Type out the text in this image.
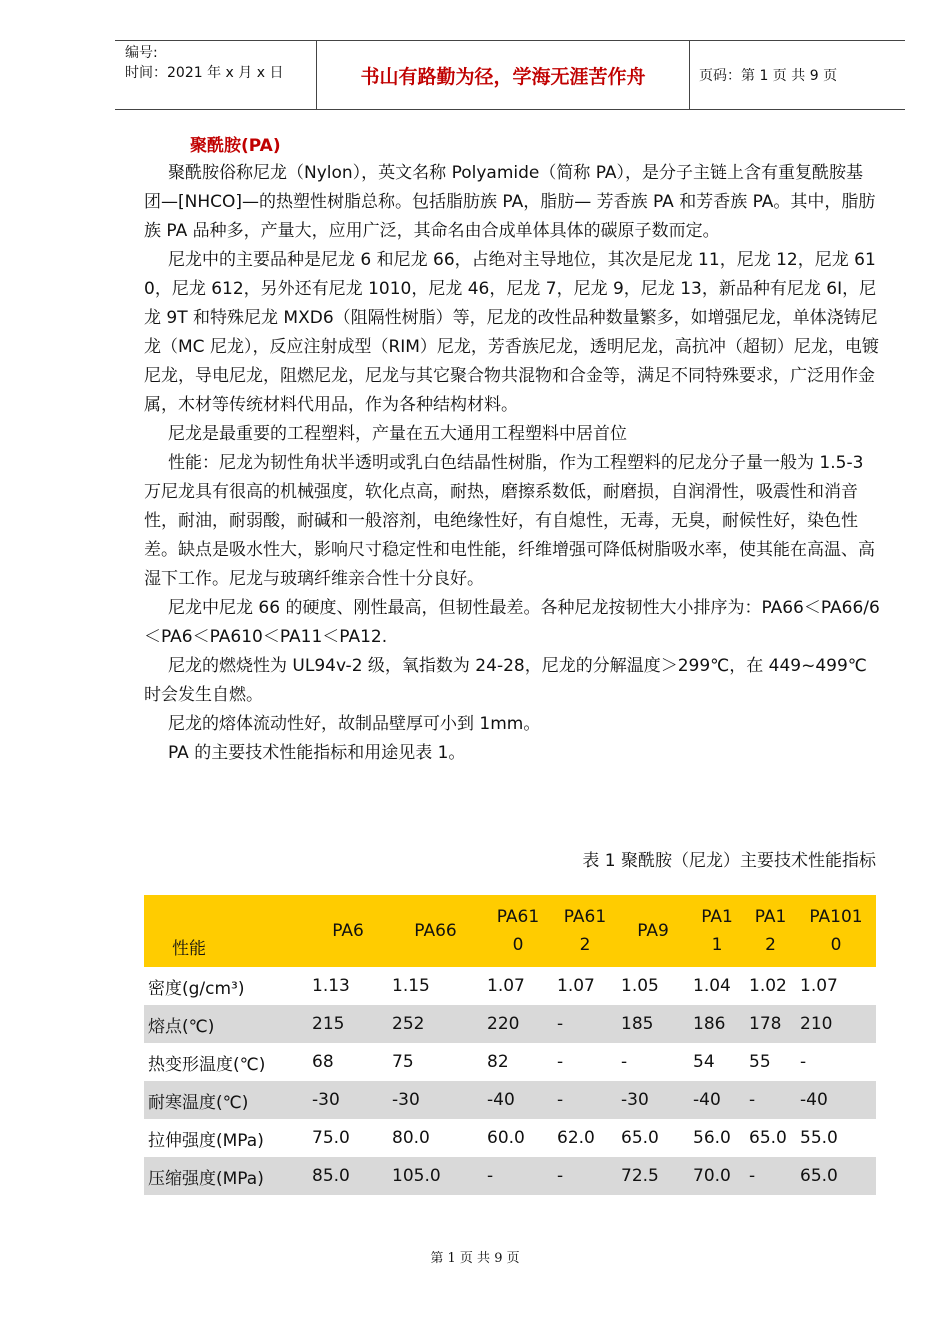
编号:
时间：2021 年 x 月 x 日	书山有路勤为径，学海无涯苦作舟	页码：第 1 页 共 9 页
聚酰胺(PA)

聚酰胺俗称尼龙（Nylon），英文名称 Polyamide（简称 PA），是分子主链上含有重复酰胺基团—[NHCO]—的热塑性树脂总称。包括脂肪族 PA，脂肪— 芳香族 PA 和芳香族 PA。其中，脂肪族 PA 品种多，产量大，应用广泛，其命名由合成单体具体的碳原子数而定。

尼龙中的主要品种是尼龙 6 和尼龙 66，占绝对主导地位，其次是尼龙 11，尼龙 12，尼龙 610，尼龙 612，另外还有尼龙 1010，尼龙 46，尼龙 7，尼龙 9，尼龙 13，新品种有尼龙 6I，尼龙 9T 和特殊尼龙 MXD6（阻隔性树脂）等，尼龙的改性品种数量繁多，如增强尼龙，单体浇铸尼龙（MC 尼龙），反应注射成型（RIM）尼龙，芳香族尼龙，透明尼龙，高抗冲（超韧）尼龙，电镀尼龙，导电尼龙，阻燃尼龙，尼龙与其它聚合物共混物和合金等，满足不同特殊要求，广泛用作金属，木材等传统材料代用品，作为各种结构材料。

尼龙是最重要的工程塑料，产量在五大通用工程塑料中居首位

性能：尼龙为韧性角状半透明或乳白色结晶性树脂，作为工程塑料的尼龙分子量一般为 1.5-3 万尼龙具有很高的机械强度，软化点高，耐热，磨擦系数低，耐磨损，自润滑性，吸震性和消音性，耐油，耐弱酸，耐碱和一般溶剂，电绝缘性好，有自熄性，无毒，无臭，耐候性好，染色性差。缺点是吸水性大，影响尺寸稳定性和电性能，纤维增强可降低树脂吸水率，使其能在高温、高湿下工作。尼龙与玻璃纤维亲合性十分良好。

尼龙中尼龙 66 的硬度、刚性最高，但韧性最差。各种尼龙按韧性大小排序为：PA66＜PA66/6＜PA6＜PA610＜PA11＜PA12.

尼龙的燃烧性为 UL94v-2 级，氧指数为 24-28，尼龙的分解温度＞299℃，在 449~499℃时会发生自燃。

尼龙的熔体流动性好，故制品壁厚可小到 1mm。

PA 的主要技术性能指标和用途见表 1。

表 1 聚酰胺（尼龙）主要技术性能指标
性能	PA6	PA66	PA610	PA612	PA9	PA11	PA12	PA1010
密度(g/cm³)	1.13	1.15	1.07	1.07	1.05	1.04	1.02	1.07
熔点(℃)	215	252	220	-	185	186	178	210
热变形温度(℃)	68	75	82	-	-	54	55	-
耐寒温度(℃)	-30	-30	-40	-	-30	-40	-	-40
拉伸强度(MPa)	75.0	80.0	60.0	62.0	65.0	56.0	65.0	55.0
压缩强度(MPa)	85.0	105.0	-	-	72.5	70.0	-	65.0
第 1 页 共 9 页
